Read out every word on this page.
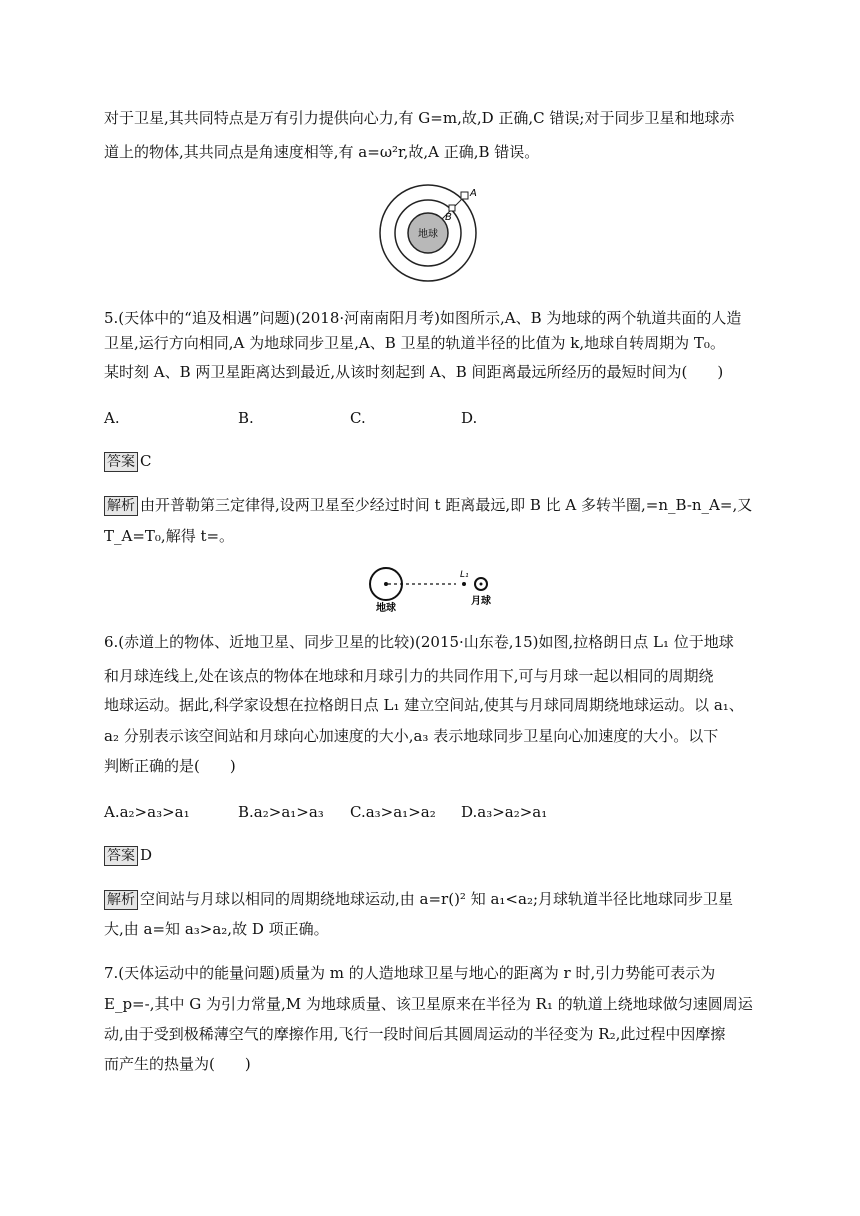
对于卫星,其共同特点是万有引力提供向心力,有 G=m,故,D 正确,C 错误;对于同步卫星和地球赤
道上的物体,其共同点是角速度相等,有 a=ω²r,故,A 正确,B 错误。
A
B
地球
5.(天体中的“追及相遇”问题)(2018·河南南阳月考)如图所示,A、B 为地球的两个轨道共面的人造
卫星,运行方向相同,A 为地球同步卫星,A、B 卫星的轨道半径的比值为 k,地球自转周期为 T₀。
某时刻 A、B 两卫星距离达到最近,从该时刻起到 A、B 间距离最远所经历的最短时间为(　　)
A.	B.	C.	D.
答案 C
解析 由开普勒第三定律得,设两卫星至少经过时间 t 距离最远,即 B 比 A 多转半圈,=n_B-n_A=,又
T_A=T₀,解得 t=。
地球
L₁
月球
6.(赤道上的物体、近地卫星、同步卫星的比较)(2015·山东卷,15)如图,拉格朗日点 L₁ 位于地球
和月球连线上,处在该点的物体在地球和月球引力的共同作用下,可与月球一起以相同的周期绕
地球运动。据此,科学家设想在拉格朗日点 L₁ 建立空间站,使其与月球同周期绕地球运动。以 a₁、
a₂ 分别表示该空间站和月球向心加速度的大小,a₃ 表示地球同步卫星向心加速度的大小。以下
判断正确的是(　　)
A.a₂>a₃>a₁	B.a₂>a₁>a₃ C.a₃>a₁>a₂ D.a₃>a₂>a₁
答案 D
解析 空间站与月球以相同的周期绕地球运动,由 a=r()² 知 a₁<a₂;月球轨道半径比地球同步卫星
大,由 a=知 a₃>a₂,故 D 项正确。
7.(天体运动中的能量问题)质量为 m 的人造地球卫星与地心的距离为 r 时,引力势能可表示为
E_p=-,其中 G 为引力常量,M 为地球质量、该卫星原来在半径为 R₁ 的轨道上绕地球做匀速圆周运
动,由于受到极稀薄空气的摩擦作用,飞行一段时间后其圆周运动的半径变为 R₂,此过程中因摩擦
而产生的热量为(　　)
